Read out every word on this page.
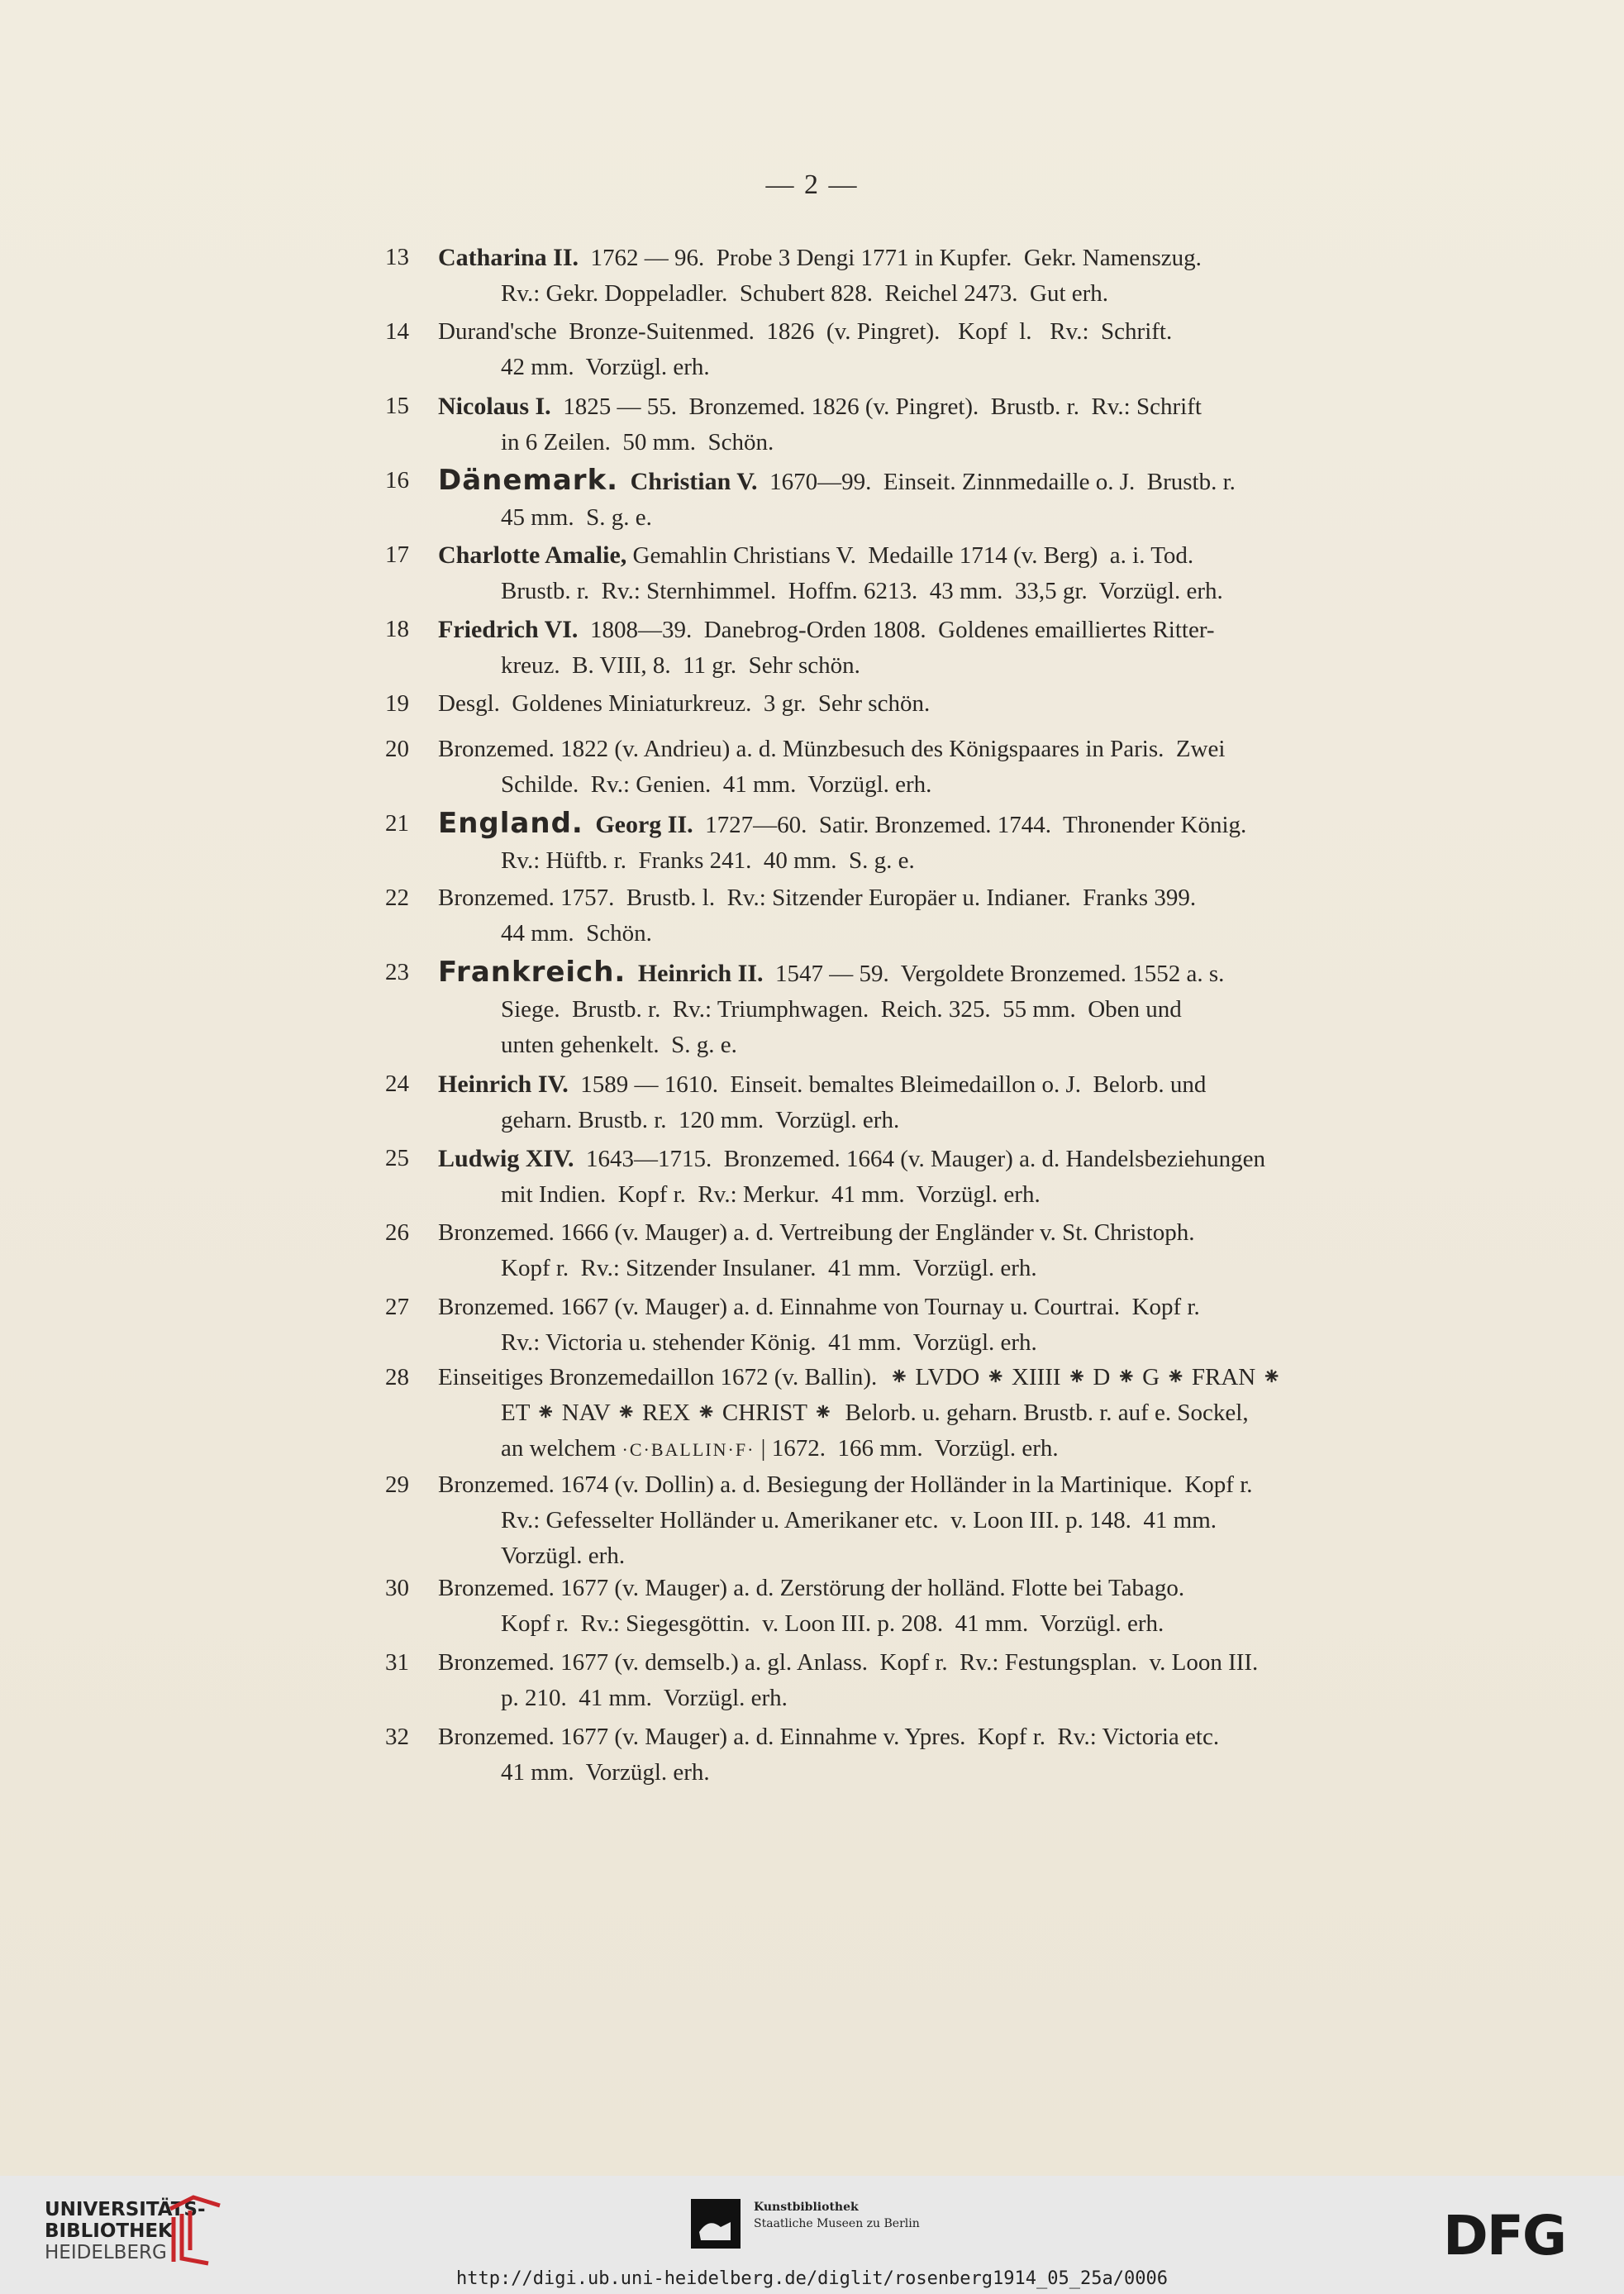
— 2 —
13 Catharina II.  1762 — 96.  Probe 3 Dengi 1771 in Kupfer.  Gekr. Namenszug.
Rv.: Gekr. Doppeladler.  Schubert 828.  Reichel 2473.  Gut erh.
14 Durand'sche  Bronze-Suitenmed.  1826  (v. Pingret).   Kopf  l.   Rv.:  Schrift.
42 mm.  Vorzügl. erh.
15 Nicolaus I.  1825 — 55.  Bronzemed. 1826 (v. Pingret).  Brustb. r.  Rv.: Schrift
in 6 Zeilen.  50 mm.  Schön.
16 Dänemark. Christian V.  1670—99.  Einseit. Zinnmedaille o. J.  Brustb. r.
45 mm.  S. g. e.
17 Charlotte Amalie, Gemahlin Christians V.  Medaille 1714 (v. Berg)  a. i. Tod.
Brustb. r.  Rv.: Sternhimmel.  Hoffm. 6213.  43 mm.  33,5 gr.  Vorzügl. erh.
18 Friedrich VI.  1808—39.  Danebrog-Orden 1808.  Goldenes emailliertes Ritter-
kreuz.  B. VIII, 8.  11 gr.  Sehr schön.
19 Desgl.  Goldenes Miniaturkreuz.  3 gr.  Sehr schön.
20 Bronzemed. 1822 (v. Andrieu) a. d. Münzbesuch des Königspaares in Paris.  Zwei
Schilde.  Rv.: Genien.  41 mm.  Vorzügl. erh.
21 England. Georg II.  1727—60.  Satir. Bronzemed. 1744.  Thronender König.
Rv.: Hüftb. r.  Franks 241.  40 mm.  S. g. e.
22 Bronzemed. 1757.  Brustb. l.  Rv.: Sitzender Europäer u. Indianer.  Franks 399.
44 mm.  Schön.
23 Frankreich. Heinrich II.  1547 — 59.  Vergoldete Bronzemed. 1552 a. s.
Siege.  Brustb. r.  Rv.: Triumphwagen.  Reich. 325.  55 mm.  Oben und
unten gehenkelt.  S. g. e.
24 Heinrich IV.  1589 — 1610.  Einseit. bemaltes Bleimedaillon o. J.  Belorb. und
geharn. Brustb. r.  120 mm.  Vorzügl. erh.
25 Ludwig XIV.  1643—1715.  Bronzemed. 1664 (v. Mauger) a. d. Handelsbeziehungen
mit Indien.  Kopf r.  Rv.: Merkur.  41 mm.  Vorzügl. erh.
26 Bronzemed. 1666 (v. Mauger) a. d. Vertreibung der Engländer v. St. Christoph.
Kopf r.  Rv.: Sitzender Insulaner.  41 mm.  Vorzügl. erh.
27 Bronzemed. 1667 (v. Mauger) a. d. Einnahme von Tournay u. Courtrai.  Kopf r.
Rv.: Victoria u. stehender König.  41 mm.  Vorzügl. erh.
28 Einseitiges Bronzemedaillon 1672 (v. Ballin).  ⁕ LVDO ⁕ XIIII ⁕ D ⁕ G ⁕ FRAN ⁕
ET ⁕ NAV ⁕ REX ⁕ CHRIST ⁕  Belorb. u. geharn. Brustb. r. auf e. Sockel,
an welchem ·C·BALLIN·F· | 1672.  166 mm.  Vorzügl. erh.
29 Bronzemed. 1674 (v. Dollin) a. d. Besiegung der Holländer in la Martinique.  Kopf r.
Rv.: Gefesselter Holländer u. Amerikaner etc.  v. Loon III. p. 148.  41 mm.
Vorzügl. erh.
30 Bronzemed. 1677 (v. Mauger) a. d. Zerstörung der holländ. Flotte bei Tabago.
Kopf r.  Rv.: Siegesgöttin.  v. Loon III. p. 208.  41 mm.  Vorzügl. erh.
31 Bronzemed. 1677 (v. demselb.) a. gl. Anlass.  Kopf r.  Rv.: Festungsplan.  v. Loon III.
p. 210.  41 mm.  Vorzügl. erh.
32 Bronzemed. 1677 (v. Mauger) a. d. Einnahme v. Ypres.  Kopf r.  Rv.: Victoria etc.
41 mm.  Vorzügl. erh.
UNIVERSITÄTS-
BIBLIOTHEK
HEIDELBERG
Kunstbibliothek
Staatliche Museen zu Berlin	DFG
http://digi.ub.uni-heidelberg.de/diglit/rosenberg1914_05_25a/0006
